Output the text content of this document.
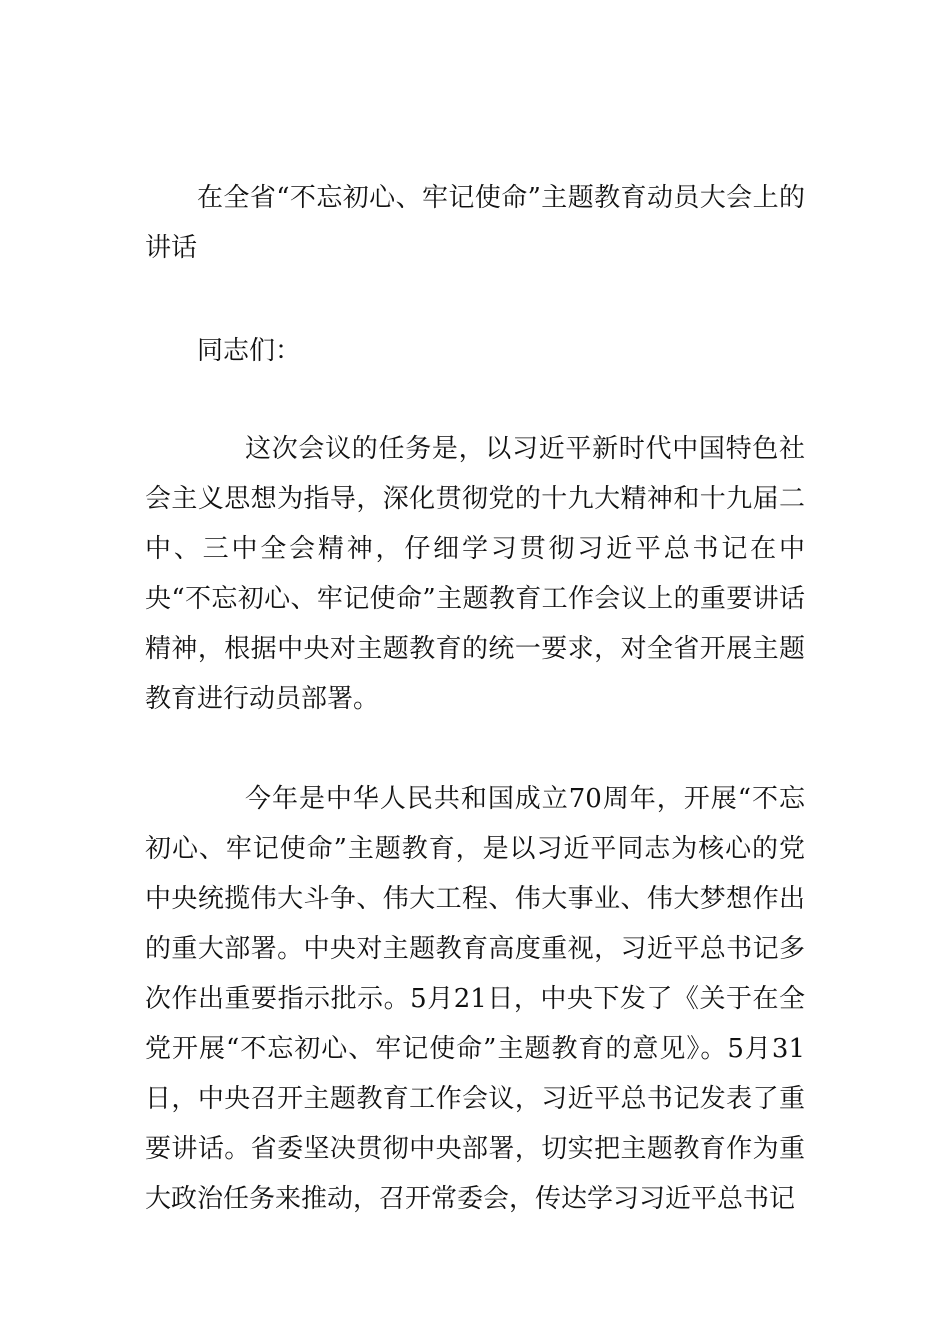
在全省“不忘初心、牢记使命”主题教育动员大会上的讲话

同志们：

这次会议的任务是，以习近平新时代中国特色社会主义思想为指导，深化贯彻党的十九大精神和十九届二中、三中全会精神，仔细学习贯彻习近平总书记在中央“不忘初心、牢记使命”主题教育工作会议上的重要讲话精神，根据中央对主题教育的统一要求，对全省开展主题教育进行动员部署。

今年是中华人民共和国成立70周年，开展“不忘初心、牢记使命”主题教育，是以习近平同志为核心的党中央统揽伟大斗争、伟大工程、伟大事业、伟大梦想作出的重大部署。中央对主题教育高度重视，习近平总书记多次作出重要指示批示。5月21日，中央下发了《关于在全党开展“不忘初心、牢记使命”主题教育的意见》。5月31日，中央召开主题教育工作会议，习近平总书记发表了重要讲话。省委坚决贯彻中央部署，切实把主题教育作为重大政治任务来推动，召开常委会，传达学习习近平总书记
